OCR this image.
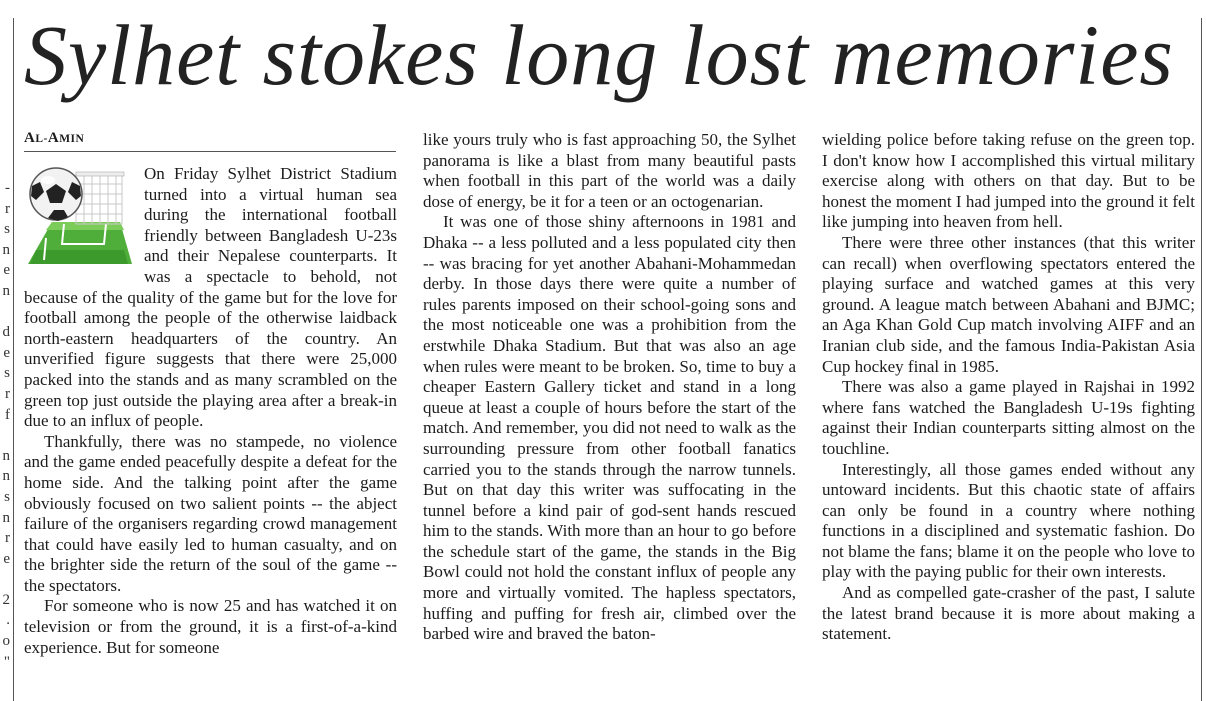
-
r
s
n
e
n
d
e
s
r
f
n
n
s
n
r
e
2
.
o
"
Sylhet stokes long lost memories
AL-AMIN

On Friday Sylhet District Stadium turned into a virtual human sea during the international football friendly between Bangladesh U-23s and their Nepalese counterparts. It was a spectacle to behold, not because of the quality of the game but for the love for football among the people of the otherwise laidback north-eastern headquarters of the country. An unverified figure suggests that there were 25,000 packed into the stands and as many scrambled on the green top just outside the playing area after a break-in due to an influx of people.

Thankfully, there was no stampede, no violence and the game ended peacefully despite a defeat for the home side. And the talking point after the game obviously focused on two salient points -- the abject failure of the organisers regarding crowd management that could have easily led to human casualty, and on the brighter side the return of the soul of the game -- the spectators.

For someone who is now 25 and has watched it on television or from the ground, it is a first-of-a-kind experience. But for someone

like yours truly who is fast approaching 50, the Sylhet panorama is like a blast from many beautiful pasts when football in this part of the world was a daily dose of energy, be it for a teen or an octogenarian.

It was one of those shiny afternoons in 1981 and Dhaka -- a less polluted and a less populated city then -- was bracing for yet another Abahani-Mohammedan derby. In those days there were quite a number of rules parents imposed on their school-going sons and the most noticeable one was a prohibition from the erstwhile Dhaka Stadium. But that was also an age when rules were meant to be broken. So, time to buy a cheaper Eastern Gallery ticket and stand in a long queue at least a couple of hours before the start of the match. And remember, you did not need to walk as the surrounding pressure from other football fanatics carried you to the stands through the narrow tunnels. But on that day this writer was suffocating in the tunnel before a kind pair of god-sent hands rescued him to the stands. With more than an hour to go before the schedule start of the game, the stands in the Big Bowl could not hold the constant influx of people any more and virtually vomited. The hapless spectators, huffing and puffing for fresh air, climbed over the barbed wire and braved the baton-

wielding police before taking refuse on the green top. I don't know how I accomplished this virtual military exercise along with others on that day. But to be honest the moment I had jumped into the ground it felt like jumping into heaven from hell.

There were three other instances (that this writer can recall) when overflowing spectators entered the playing surface and watched games at this very ground. A league match between Abahani and BJMC; an Aga Khan Gold Cup match involving AIFF and an Iranian club side, and the famous India-Pakistan Asia Cup hockey final in 1985.

There was also a game played in Rajshai in 1992 where fans watched the Bangladesh U-19s fighting against their Indian counterparts sitting almost on the touchline.

Interestingly, all those games ended without any untoward incidents. But this chaotic state of affairs can only be found in a country where nothing functions in a disciplined and systematic fashion. Do not blame the fans; blame it on the people who love to play with the paying public for their own interests.

And as compelled gate-crasher of the past, I salute the latest brand because it is more about making a statement.
